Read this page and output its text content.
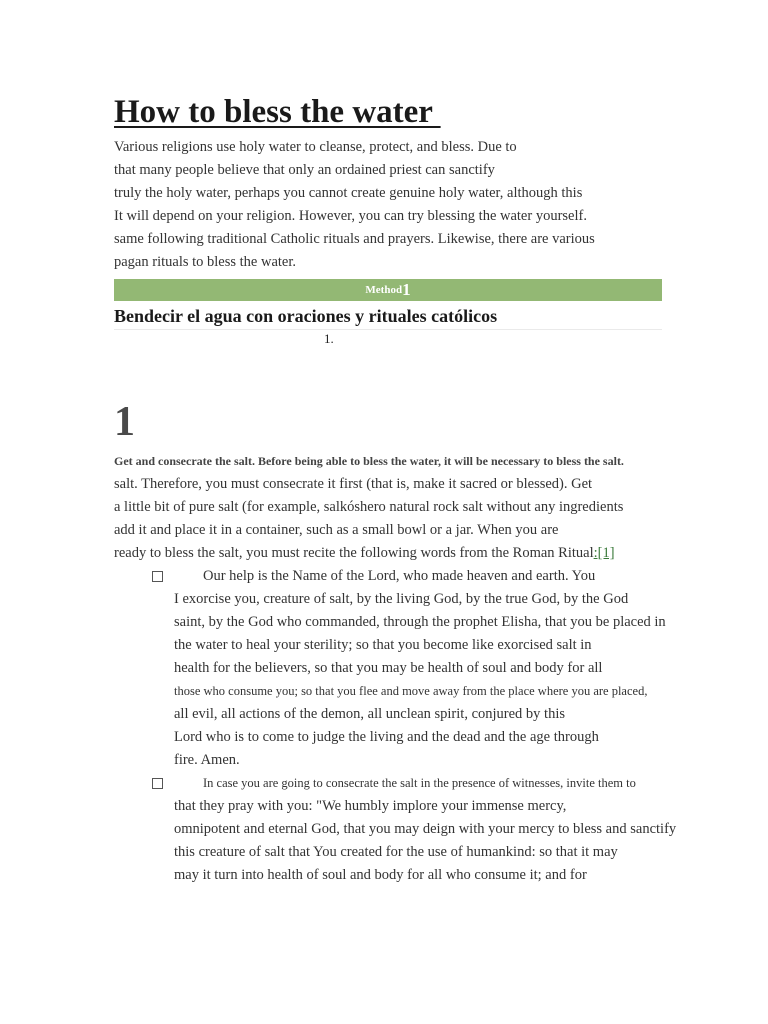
How to bless the water
Various religions use holy water to cleanse, protect, and bless. Due to
that many people believe that only an ordained priest can sanctify
truly the holy water, perhaps you cannot create genuine holy water, although this
It will depend on your religion. However, you can try blessing the water yourself.
same following traditional Catholic rituals and prayers. Likewise, there are various
pagan rituals to bless the water.
Method1
Bendecir el agua con oraciones y rituales católicos
1.
1
Get and consecrate the salt. Before being able to bless the water, it will be necessary to bless the salt.
salt. Therefore, you must consecrate it first (that is, make it sacred or blessed). Get
a little bit of pure salt (for example, salkóshero natural rock salt without any ingredients
add it and place it in a container, such as a small bowl or a jar. When you are
ready to bless the salt, you must recite the following words from the Roman Ritual:[1]
Our help is the Name of the Lord, who made heaven and earth. You
I exorcise you, creature of salt, by the living God, by the true God, by the God
saint, by the God who commanded, through the prophet Elisha, that you be placed in
the water to heal your sterility; so that you become like exorcised salt in
health for the believers, so that you may be health of soul and body for all
those who consume you; so that you flee and move away from the place where you are placed,
all evil, all actions of the demon, all unclean spirit, conjured by this
Lord who is to come to judge the living and the dead and the age through
fire. Amen.
In case you are going to consecrate the salt in the presence of witnesses, invite them to
that they pray with you: "We humbly implore your immense mercy,
omnipotent and eternal God, that you may deign with your mercy to bless and sanctify
this creature of salt that You created for the use of humankind: so that it may
may it turn into health of soul and body for all who consume it; and for
